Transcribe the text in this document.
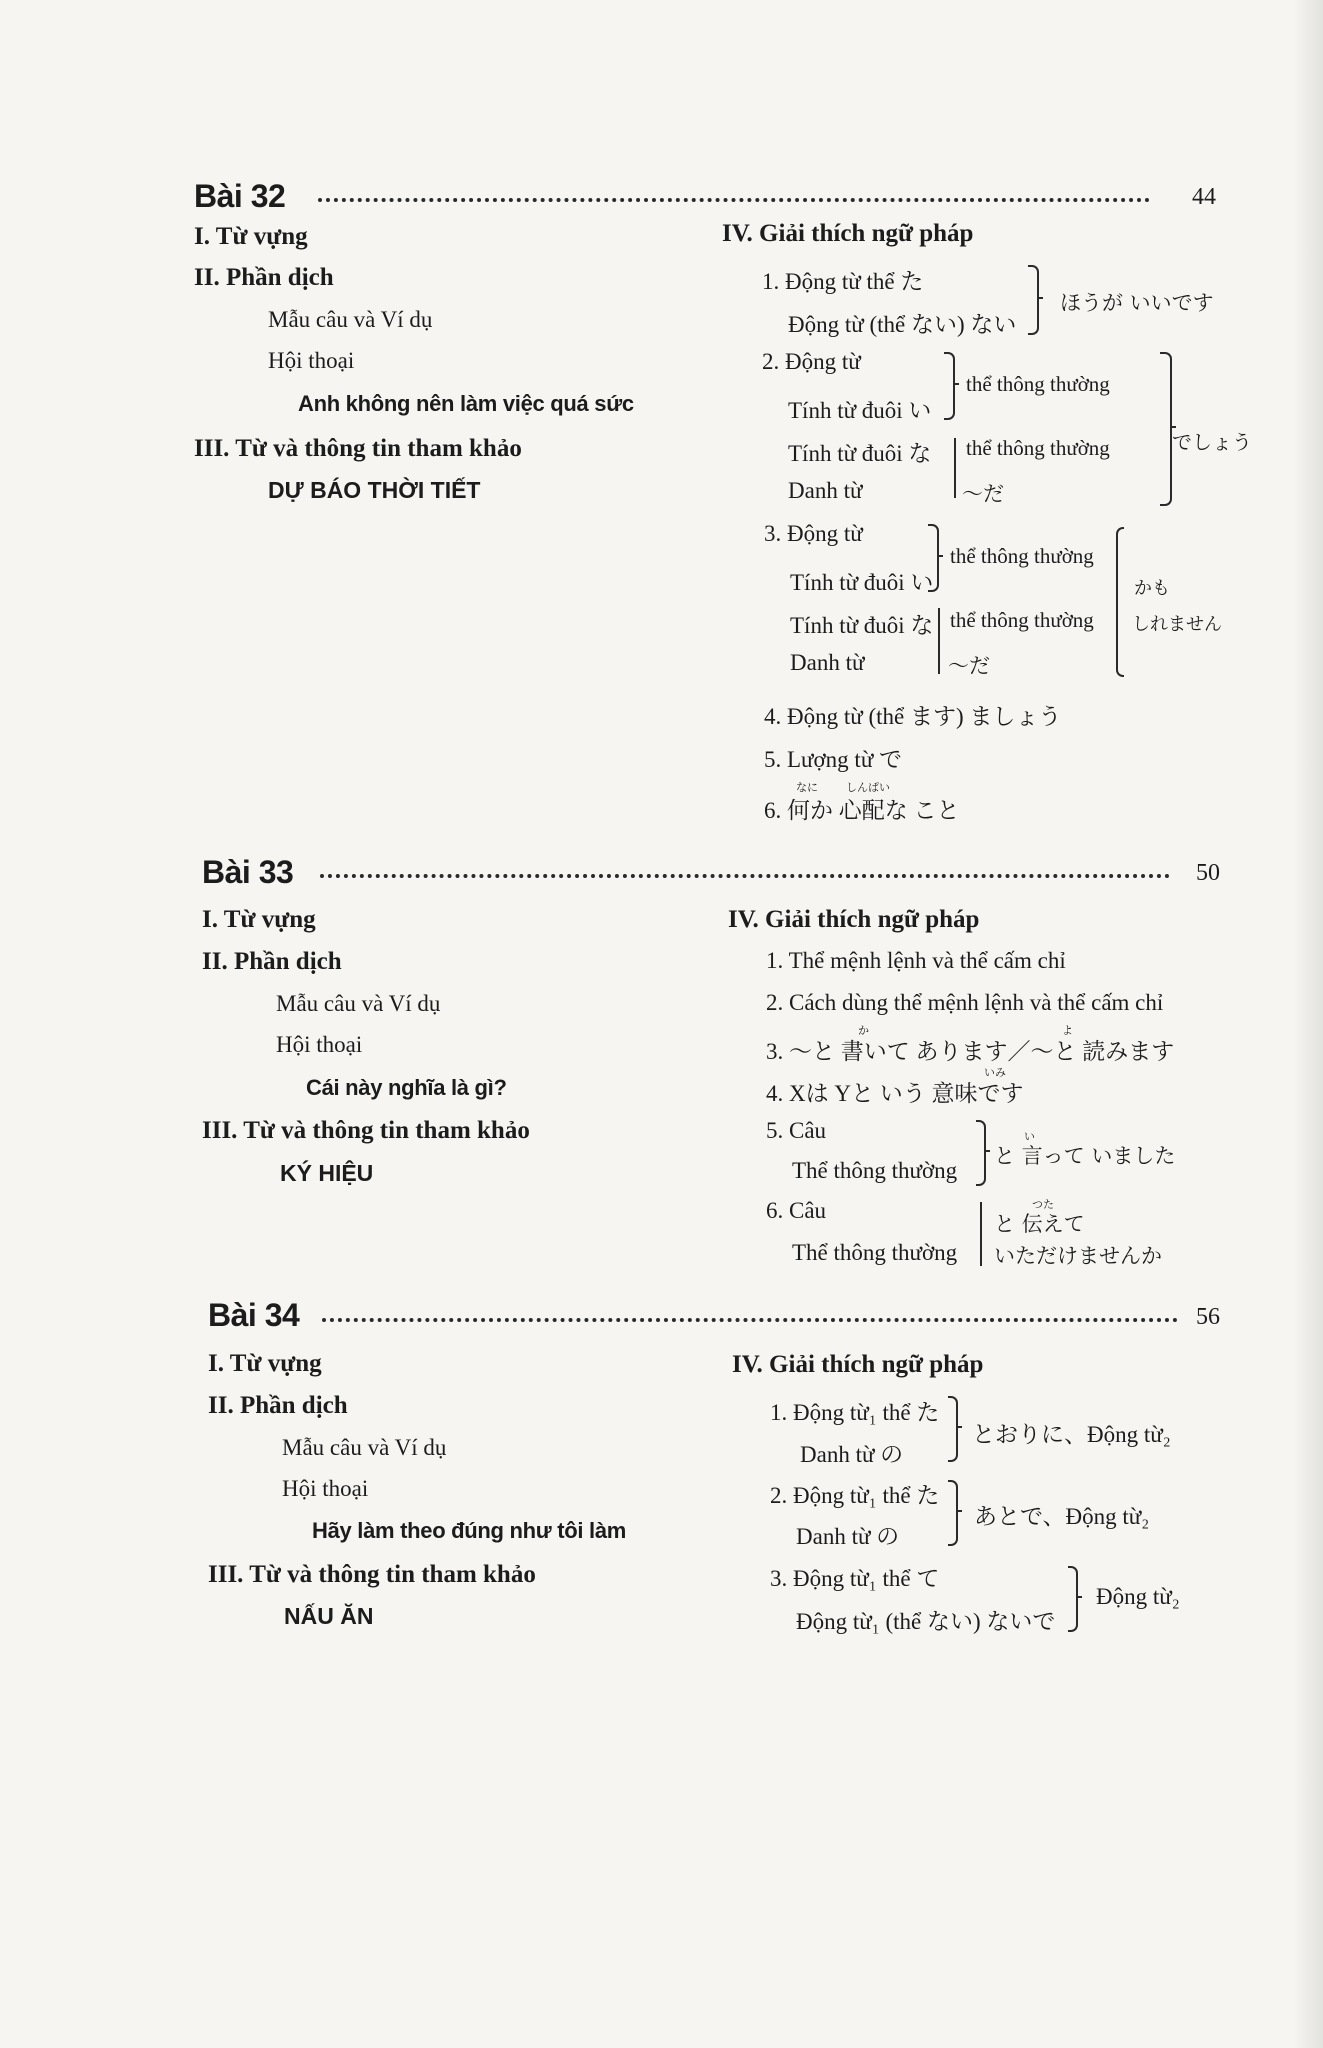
Bài 32	44
I. Từ vựng
II. Phần dịch
Mẫu câu và Ví dụ
Hội thoại
Anh không nên làm việc quá sức
III. Từ và thông tin tham khảo
DỰ BÁO THỜI TIẾT
IV. Giải thích ngữ pháp
1. Động từ thể た
Động từ (thể ない) ない
ほうが いいです
2. Động từ
Tính từ đuôi い
Tính từ đuôi な
Danh từ
thể thông thường
thể thông thường
～だ
でしょう
3. Động từ
Tính từ đuôi い
Tính từ đuôi な
Danh từ
thể thông thường
thể thông thường
～だ
かも
しれません
4. Động từ (thể ます) ましょう
5. Lượng từ で
なに	しんぱい
6. 何か 心配な こと
Bài 33	50
I. Từ vựng
II. Phần dịch
Mẫu câu và Ví dụ
Hội thoại
Cái này nghĩa là gì?
III. Từ và thông tin tham khảo
KÝ HIỆU
IV. Giải thích ngữ pháp
1. Thể mệnh lệnh và thể cấm chỉ
2. Cách dùng thể mệnh lệnh và thể cấm chỉ
か	よ
3. ～と 書いて あります／～と 読みます
いみ
4. Xは Yと いう 意味です
5. Câu
Thể thông thường
い
と 言って いました
6. Câu
Thể thông thường
つた
と 伝えて
いただけませんか
Bài 34	56
I. Từ vựng
II. Phần dịch
Mẫu câu và Ví dụ
Hội thoại
Hãy làm theo đúng như tôi làm
III. Từ và thông tin tham khảo
NẤU ĂN
IV. Giải thích ngữ pháp
1. Động từ₁ thể た
Danh từ の
とおりに、Động từ₂
2. Động từ₁ thể た
Danh từ の
あとで、Động từ₂
3. Động từ₁ thể て
Động từ₁ (thể ない) ないで
Động từ₂
